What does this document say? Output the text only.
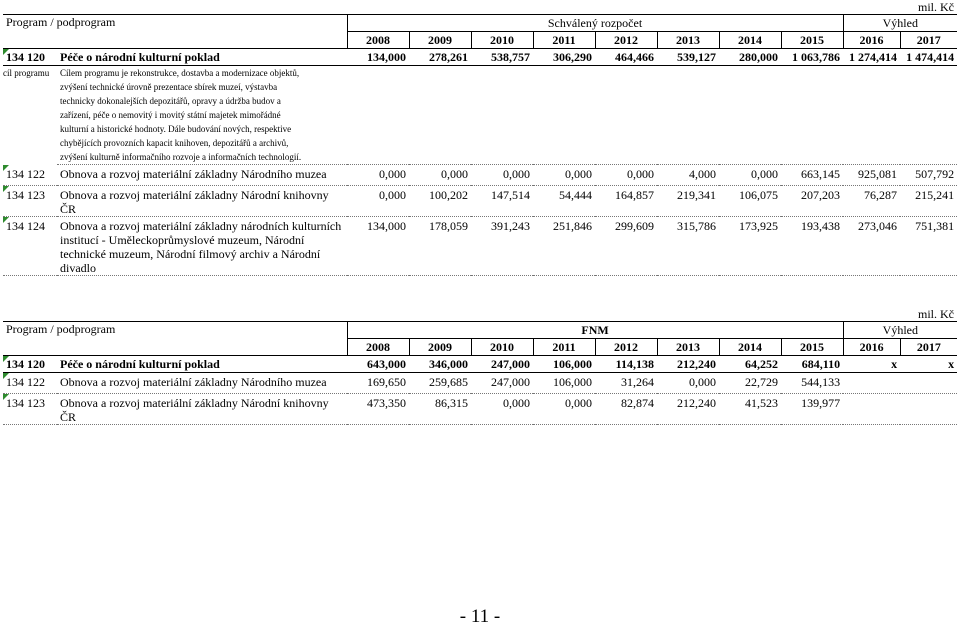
mil. Kč
Program / podprogram		Schválený rozpočet								Výhled	
		2008	2009	2010	2011	2012	2013	2014	2015	2016	2017
134 120	Péče o národní kulturní poklad	134,000	278,261	538,757	306,290	464,466	539,127	280,000	1 063,786	1 274,414	1 474,414
cíl programu	Cílem programu je rekonstrukce, dostavba a modernizace objektů, zvýšení technické úrovně prezentace sbírek muzeí, výstavba technicky dokonalejších depozitářů, opravy a údržba budov a zařízení, péče o nemovitý i movitý státní majetek mimořádné kulturní a historické hodnoty. Dále budování nových, respektive chybějících provozních kapacit knihoven, depozitářů a archivů, zvýšení kulturně informačního rozvoje a informačních technologií.										
134 122	Obnova a rozvoj materiální základny Národního muzea	0,000	0,000	0,000	0,000	0,000	4,000	0,000	663,145	925,081	507,792
134 123	Obnova a rozvoj materiální základny Národní knihovny ČR	0,000	100,202	147,514	54,444	164,857	219,341	106,075	207,203	76,287	215,241
134 124	Obnova a rozvoj materiální základny národních kulturních institucí - Uměleckoprůmyslové muzeum, Národní technické muzeum, Národní filmový archiv a Národní divadlo	134,000	178,059	391,243	251,846	299,609	315,786	173,925	193,438	273,046	751,381
mil. Kč
Program / podprogram		FNM								Výhled	
		2008	2009	2010	2011	2012	2013	2014	2015	2016	2017
134 120	Péče o národní kulturní poklad	643,000	346,000	247,000	106,000	114,138	212,240	64,252	684,110	x	x
134 122	Obnova a rozvoj materiální základny Národního muzea	169,650	259,685	247,000	106,000	31,264	0,000	22,729	544,133		
134 123	Obnova a rozvoj materiální základny Národní knihovny ČR	473,350	86,315	0,000	0,000	82,874	212,240	41,523	139,977		
- 11 -
